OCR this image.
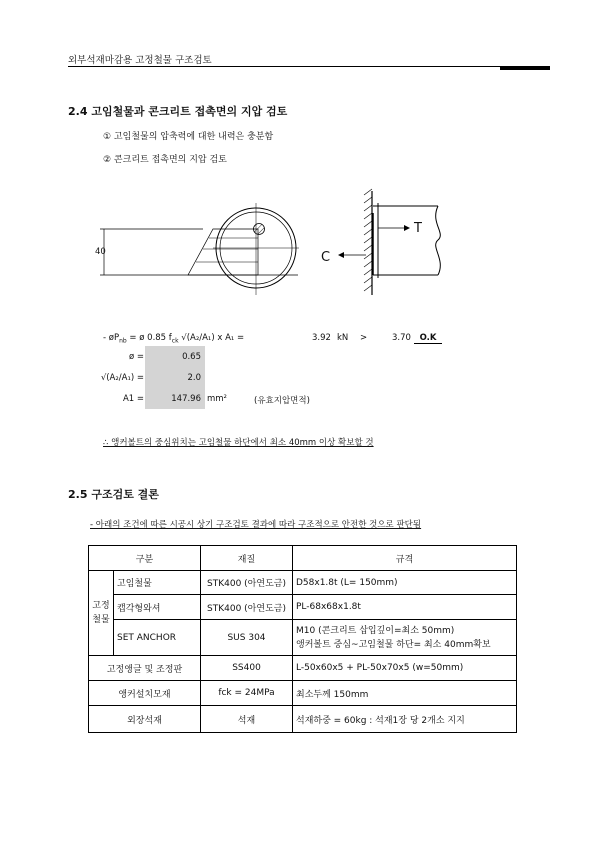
외부석재마감용 고정철물 구조검토
2.4 고임철물과 콘크리트 접촉면의 지압 검토
① 고임철물의 압축력에 대한 내력은 충분함
② 콘크리트 접촉면의 지압 검토
40
T
C
- $øP_{nb}$ = ø 0.85 $f_{ck}$ √(A₂/A₁) x A₁ =	3.92 kN >	3.70	O.K
ø =	0.65
√(A₂/A₁) =	2.0
A1 =	147.96 mm²	(유효지압면적)
∴ 앵커볼트의 중심위치는 고임철물 하단에서 최소 40mm 이상 확보할 것
2.5 구조검토 결론
- 아래의 조건에 따른 시공시 상기 구조검토 결과에 따라 구조적으로 안전한 것으로 판단됨
구분		재질	규격
고정
철물	고임철물	STK400 (아연도금)	D58x1.8t (L= 150mm)
	캡각형와셔	STK400 (아연도금)	PL-68x68x1.8t
	SET ANCHOR	SUS 304	M10 (콘크리트 삽입깊이=최소 50mm)
앵커볼트 중심~고임철물 하단= 최소 40mm확보
고정앵글 및 조정판		SS400	L-50x60x5 + PL-50x70x5 (w=50mm)
앵커설치모재		fck = 24MPa	최소두께 150mm
외장석재		석재	석재하중 = 60kg : 석재1장 당 2개소 지지
